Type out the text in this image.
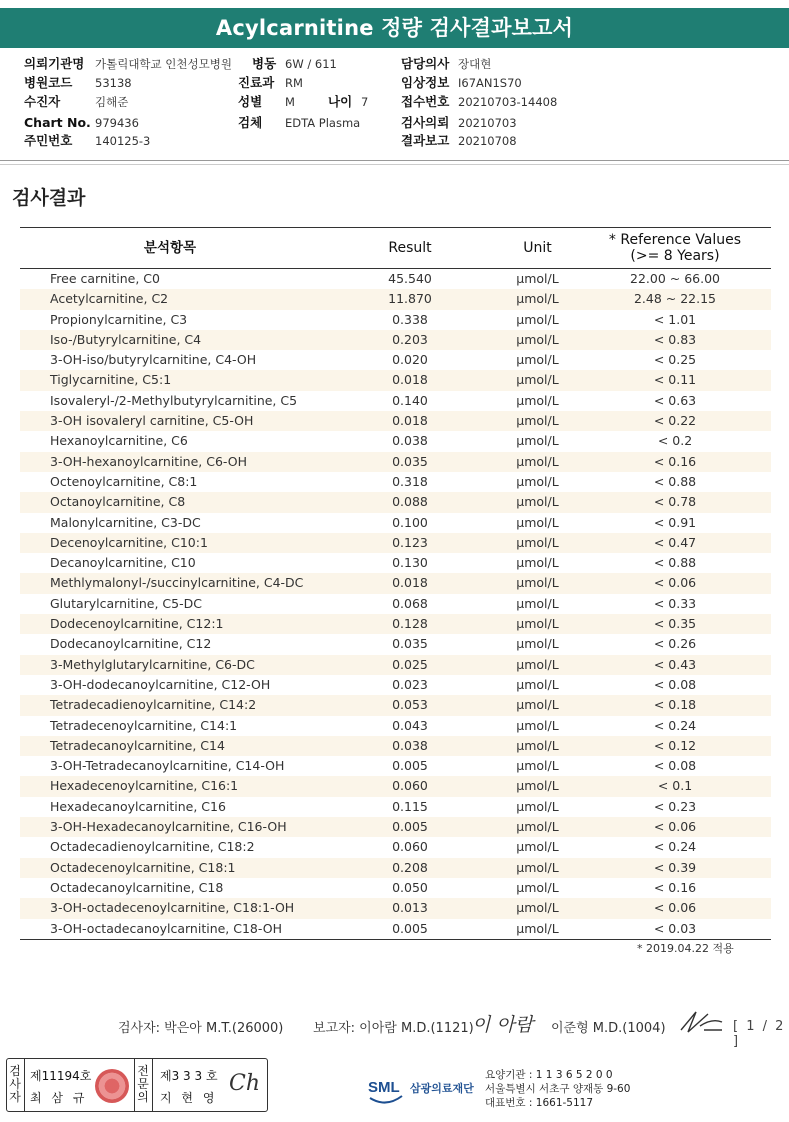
Acylcarnitine 정량 검사결과보고서
의뢰기관명 가톨릭대학교 인천성모병원 병동 6W / 611	담당의사 장대현
병원코드 53138	진료과 RM	임상정보 I67AN1S70
수진자	김해준	성별 M	나이 7	접수번호 20210703-14408
Chart No. 979436	검체 EDTA Plasma	검사의뢰 20210703
주민번호 140125-3	결과보고 20210708
검사결과
분석항목	Result	Unit	* Reference Values
(>= 8 Years)
Free carnitine, C0	45.540	μmol/L	22.00 ~ 66.00
Acetylcarnitine, C2	11.870	μmol/L	2.48 ~ 22.15
Propionylcarnitine, C3	0.338	μmol/L	< 1.01
Iso-/Butyrylcarnitine, C4	0.203	μmol/L	< 0.83
3-OH-iso/butyrylcarnitine, C4-OH	0.020	μmol/L	< 0.25
Tiglycarnitine, C5:1	0.018	μmol/L	< 0.11
Isovaleryl-/2-Methylbutyrylcarnitine, C5	0.140	μmol/L	< 0.63
3-OH isovaleryl carnitine, C5-OH	0.018	μmol/L	< 0.22
Hexanoylcarnitine, C6	0.038	μmol/L	< 0.2
3-OH-hexanoylcarnitine, C6-OH	0.035	μmol/L	< 0.16
Octenoylcarnitine, C8:1	0.318	μmol/L	< 0.88
Octanoylcarnitine, C8	0.088	μmol/L	< 0.78
Malonylcarnitine, C3-DC	0.100	μmol/L	< 0.91
Decenoylcarnitine, C10:1	0.123	μmol/L	< 0.47
Decanoylcarnitine, C10	0.130	μmol/L	< 0.88
Methlymalonyl-/succinylcarnitine, C4-DC	0.018	μmol/L	< 0.06
Glutarylcarnitine, C5-DC	0.068	μmol/L	< 0.33
Dodecenoylcarnitine, C12:1	0.128	μmol/L	< 0.35
Dodecanoylcarnitine, C12	0.035	μmol/L	< 0.26
3-Methylglutarylcarnitine, C6-DC	0.025	μmol/L	< 0.43
3-OH-dodecanoylcarnitine, C12-OH	0.023	μmol/L	< 0.08
Tetradecadienoylcarnitine, C14:2	0.053	μmol/L	< 0.18
Tetradecenoylcarnitine, C14:1	0.043	μmol/L	< 0.24
Tetradecanoylcarnitine, C14	0.038	μmol/L	< 0.12
3-OH-Tetradecanoylcarnitine, C14-OH	0.005	μmol/L	< 0.08
Hexadecenoylcarnitine, C16:1	0.060	μmol/L	< 0.1
Hexadecanoylcarnitine, C16	0.115	μmol/L	< 0.23
3-OH-Hexadecanoylcarnitine, C16-OH	0.005	μmol/L	< 0.06
Octadecadienoylcarnitine, C18:2	0.060	μmol/L	< 0.24
Octadecenoylcarnitine, C18:1	0.208	μmol/L	< 0.39
Octadecanoylcarnitine, C18	0.050	μmol/L	< 0.16
3-OH-octadecenoylcarnitine, C18:1-OH	0.013	μmol/L	< 0.06
3-OH-octadecanoylcarnitine, C18-OH	0.005	μmol/L	< 0.03
* 2019.04.22 적용
검사자: 박은아 M.T.(26000) 보고자: 이아람 M.D.(1121)
이 아람 이준형 M.D.(1004)	[ 1 / 2 ]
검
사
자
제11194호
최 삼 규
전
문
의
제3 3 3 호
지 현 영
Ch	SML 삼광의료재단
요양기관 : 1 1 3 6 5 2 0 0
서울특별시 서초구 양재동 9-60
대표번호 : 1661-5117
